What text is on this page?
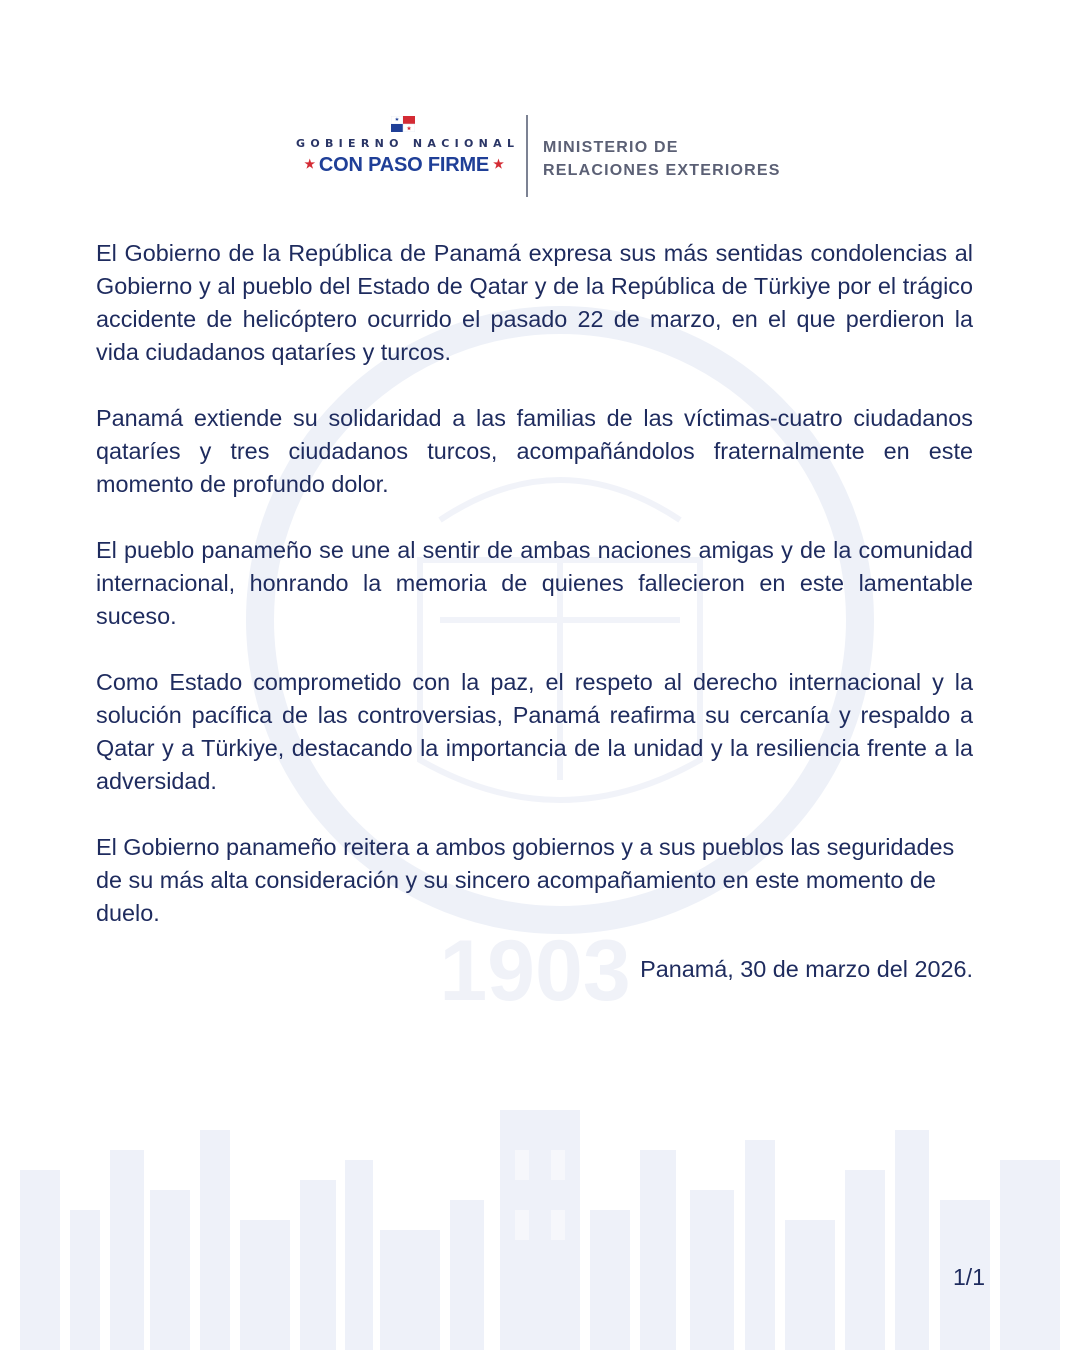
1903
GOBIERNO NACIONAL
★ CON PASO FIRME ★
MINISTERIO DE
RELACIONES EXTERIORES

El Gobierno de la República de Panamá expresa sus más sentidas condolencias al Gobierno y al pueblo del Estado de Qatar y de la República de Türkiye por el trágico accidente de helicóptero ocurrido el pasado 22 de marzo, en el que perdieron la vida ciudadanos qataríes y turcos.

Panamá extiende su solidaridad a las familias de las víctimas-cuatro ciudadanos qataríes y tres ciudadanos turcos, acompañándolos fraternalmente en este momento de profundo dolor.

El pueblo panameño se une al sentir de ambas naciones amigas y de la comunidad internacional, honrando la memoria de quienes fallecieron en este lamentable suceso.

Como Estado comprometido con la paz, el respeto al derecho internacional y la solución pacífica de las controversias, Panamá reafirma su cercanía y respaldo a Qatar y a Türkiye, destacando la importancia de la unidad y la resiliencia frente a la adversidad.

El Gobierno panameño reitera a ambos gobiernos y a sus pueblos las seguridades de su más alta consideración y su sincero acompañamiento en este momento de duelo.

Panamá, 30 de marzo del 2026.
1/1
